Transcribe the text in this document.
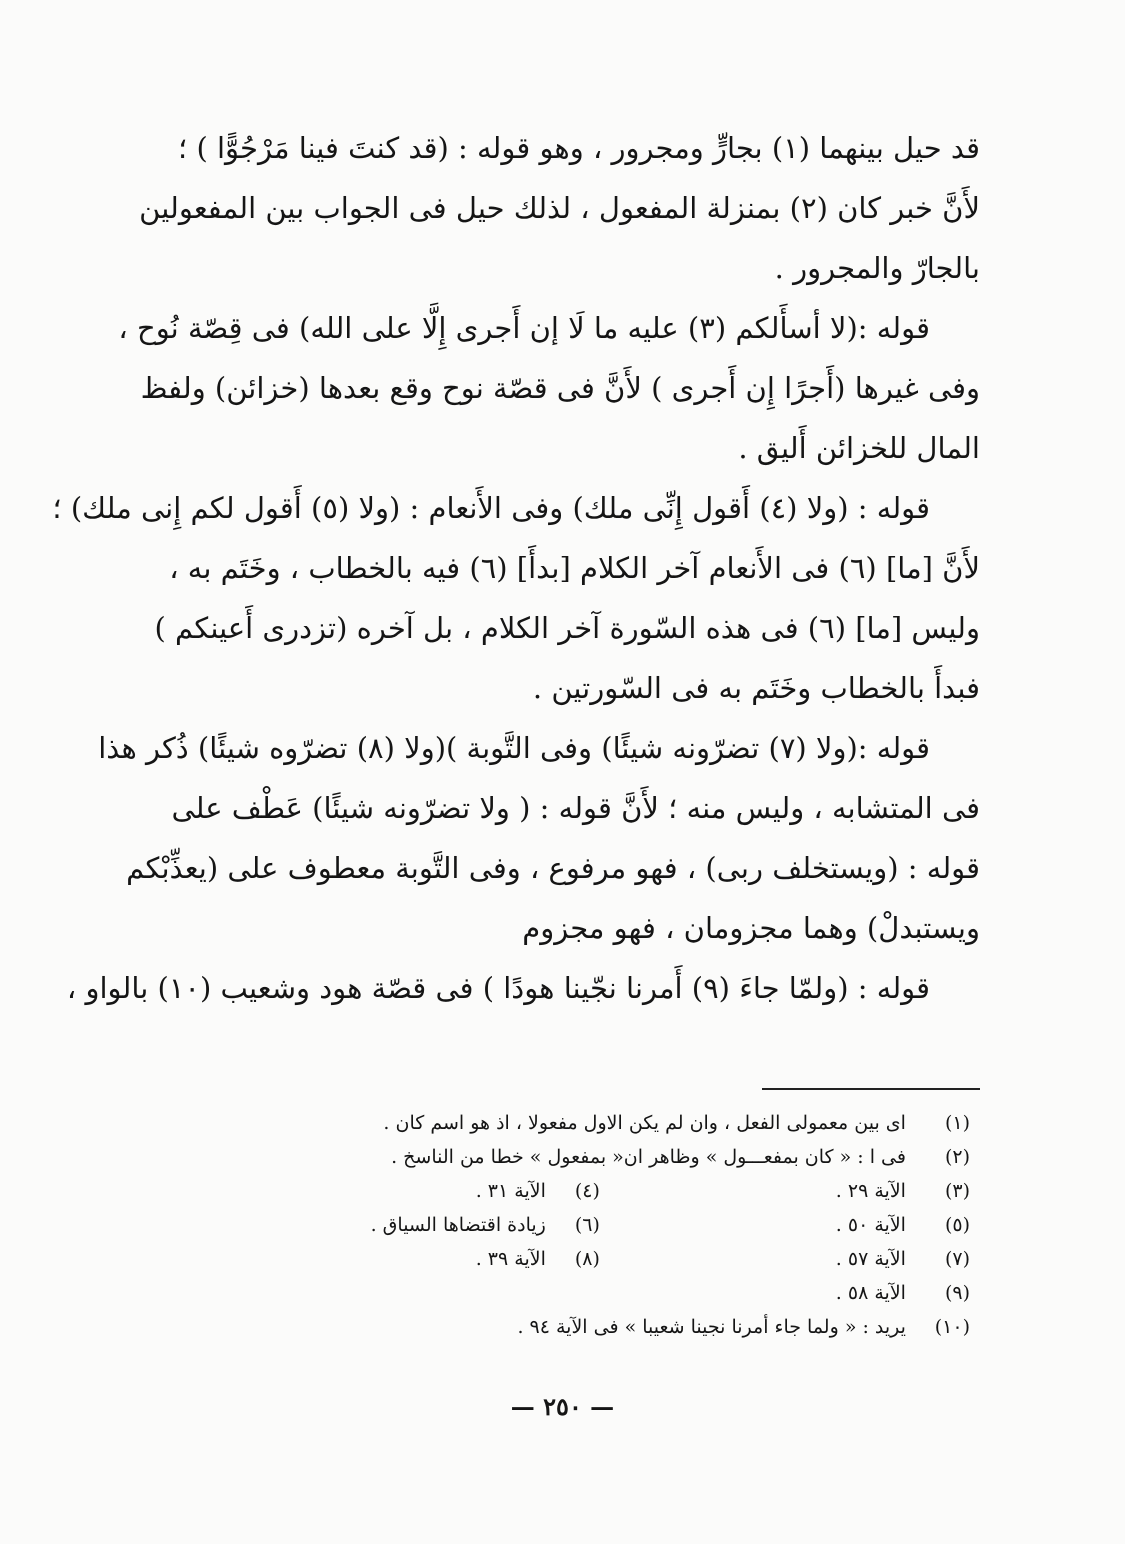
قد حيل بينهما (١) بجارٍّ ومجرور ، وهو قوله : (قد كنتَ فينا مَرْجُوًّا ) ؛
لأَنَّ خبر كان (٢) بمنزلة المفعول ، لذلك حيل فى الجواب بين المفعولين
بالجارّ والمجرور .
قوله :(لا أسأَلكم (٣) عليه ما لَا إن أَجرى إِلَّا على الله) فى قِصّة نُوح ،
وفى غيرها (أَجرًا إِن أَجرى ) لأَنَّ فى قصّة نوح وقع بعدها (خزائن) ولفظ
المال للخزائن أَليق .
قوله : (ولا (٤) أَقول إِنِّى ملك) وفى الأَنعام : (ولا (٥) أَقول لكم إِنى ملك) ؛
لأَنَّ [ما] (٦) فى الأَنعام آخر الكلام [بدأَ] (٦) فيه بالخطاب ، وخَتَم به ،
وليس [ما] (٦) فى هذه السّورة آخر الكلام ، بل آخره (تزدرى أَعينكم )
فبدأَ بالخطاب وخَتَم به فى السّورتين .
قوله :(ولا (٧) تضرّونه شيئًا) وفى التَّوبة )(ولا (٨) تضرّوه شيئًا) ذُكر هذا
فى المتشابه ، وليس منه ؛ لأَنَّ قوله : ( ولا تضرّونه شيئًا) عَطْف على
قوله : (ويستخلف ربى) ، فهو مرفوع ، وفى التَّوبة معطوف على (يعذِّبْكم
ويستبدلْ) وهما مجزومان ، فهو مجزوم
قوله : (ولمّا جاءَ (٩) أَمرنا نجّينا هودًا ) فى قصّة هود وشعيب (١٠) بالواو ،
(١) اى بين معمولى الفعل ، وان لم يكن الاول مفعولا ، اذ هو اسم كان .
(٢) فى ا : « كان بمفعـــول » وظاهر ان« بمفعول » خطا من الناسخ .
(٣) الآية ٢٩ . (٤) الآية ٣١ .
(٥) الآية ٥٠ . (٦) زيادة اقتضاها السياق .
(٧) الآية ٥٧ . (٨) الآية ٣٩ .
(٩) الآية ٥٨ .
(١٠) يريد : « ولما جاء أمرنا نجينا شعيبا » فى الآية ٩٤ .
— ٢٥٠ —
